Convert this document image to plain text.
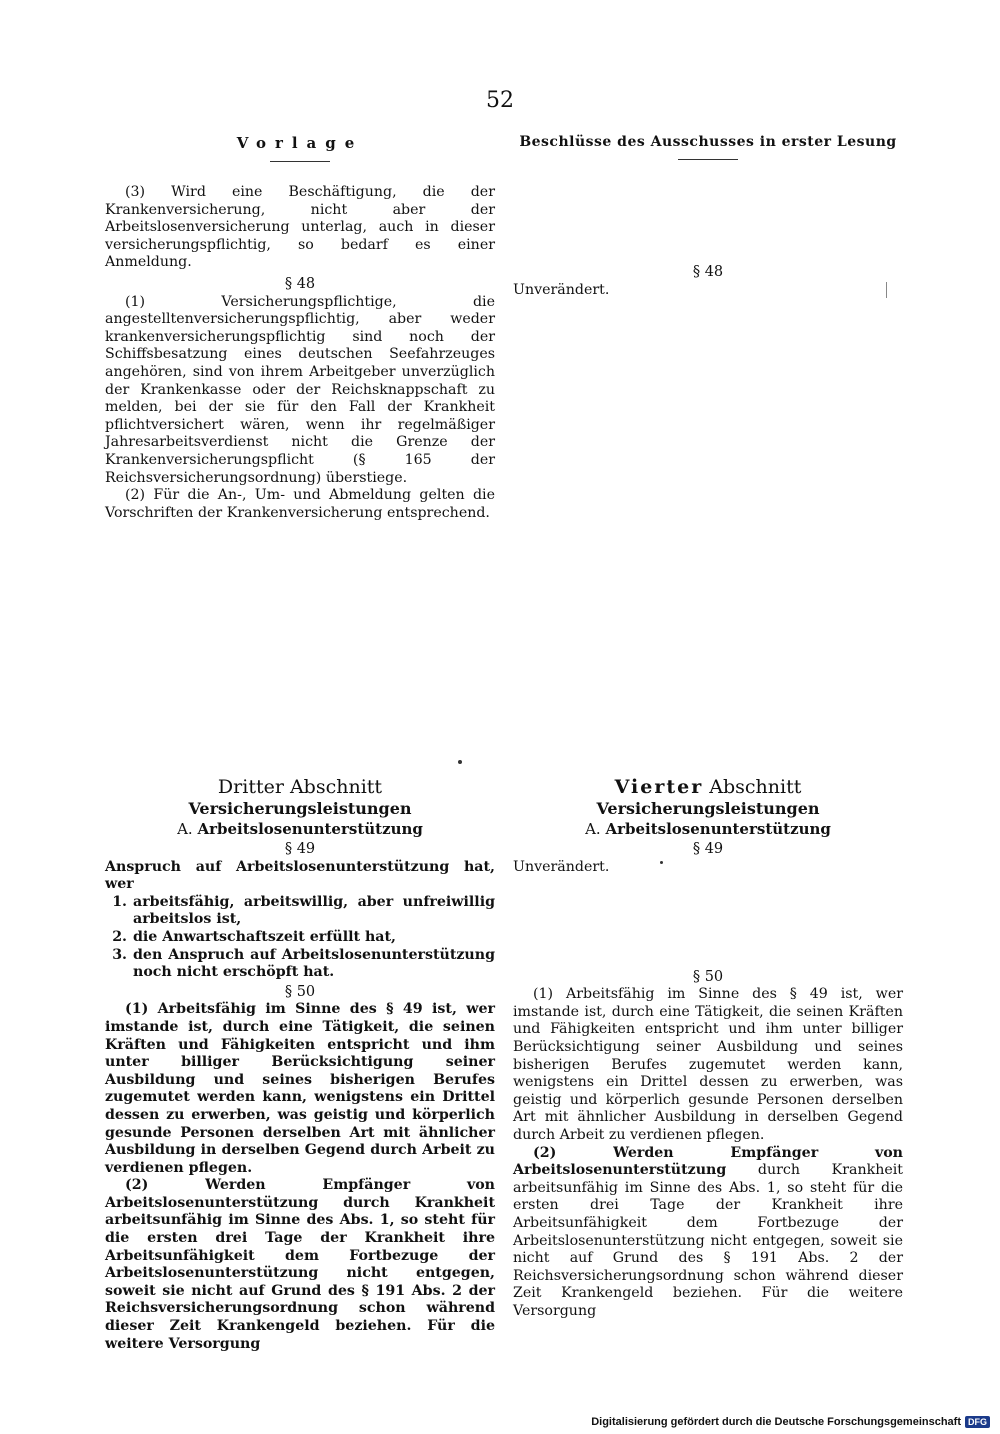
52
Vorlage

(3) Wird eine Beschäftigung, die der Krankenversicherung, nicht aber der Arbeitslosenversicherung unterlag, auch in dieser versicherungspflichtig, so bedarf es einer Anmeldung.

§ 48

(1) Versicherungspflichtige, die angestelltenversicherungspflichtig, aber weder krankenversicherungspflichtig sind noch der Schiffsbesatzung eines deutschen Seefahrzeuges angehören, sind von ihrem Arbeitgeber unverzüglich der Krankenkasse oder der Reichsknappschaft zu melden, bei der sie für den Fall der Krankheit pflichtversichert wären, wenn ihr regelmäßiger Jahresarbeitsverdienst nicht die Grenze der Krankenversicherungspflicht (§ 165 der Reichsversicherungsordnung) überstiege.

(2) Für die An-, Um- und Abmeldung gelten die Vorschriften der Krankenversicherung entsprechend.

Beschlüsse des Ausschusses in erster Lesung

§ 48

Unverändert.

Dritter Abschnitt

Versicherungsleistungen

A. Arbeitslosenunterstützung

§ 49

Anspruch auf Arbeitslosenunterstützung hat, wer

1. arbeitsfähig, arbeitswillig, aber unfreiwillig arbeitslos ist,
2. die Anwartschaftszeit erfüllt hat,
3. den Anspruch auf Arbeitslosenunterstützung noch nicht erschöpft hat.

§ 50

(1) Arbeitsfähig im Sinne des § 49 ist, wer imstande ist, durch eine Tätigkeit, die seinen Kräften und Fähigkeiten entspricht und ihm unter billiger Berücksichtigung seiner Ausbildung und seines bisherigen Berufes zugemutet werden kann, wenigstens ein Drittel dessen zu erwerben, was geistig und körperlich gesunde Personen derselben Art mit ähnlicher Ausbildung in derselben Gegend durch Arbeit zu verdienen pflegen.

(2) Werden Empfänger von Arbeitslosenunterstützung durch Krankheit arbeitsunfähig im Sinne des Abs. 1, so steht für die ersten drei Tage der Krankheit ihre Arbeitsunfähigkeit dem Fortbezuge der Arbeitslosenunterstützung nicht entgegen, soweit sie nicht auf Grund des § 191 Abs. 2 der Reichsversicherungsordnung schon während dieser Zeit Krankengeld beziehen. Für die weitere Versorgung

Vierter Abschnitt

Versicherungsleistungen

A. Arbeitslosenunterstützung

§ 49

Unverändert.

§ 50

(1) Arbeitsfähig im Sinne des § 49 ist, wer imstande ist, durch eine Tätigkeit, die seinen Kräften und Fähigkeiten entspricht und ihm unter billiger Berücksichtigung seiner Ausbildung und seines bisherigen Berufes zugemutet werden kann, wenigstens ein Drittel dessen zu erwerben, was geistig und körperlich gesunde Personen derselben Art mit ähnlicher Ausbildung in derselben Gegend durch Arbeit zu verdienen pflegen.

(2) Werden Empfänger von Arbeitslosenunterstützung durch Krankheit arbeitsunfähig im Sinne des Abs. 1, so steht für die ersten drei Tage der Krankheit ihre Arbeitsunfähigkeit dem Fortbezuge der Arbeitslosenunterstützung nicht entgegen, soweit sie nicht auf Grund des § 191 Abs. 2 der Reichsversicherungsordnung schon während dieser Zeit Krankengeld beziehen. Für die weitere Versorgung

Digitalisierung gefördert durch die Deutsche Forschungsgemeinschaft DFG
